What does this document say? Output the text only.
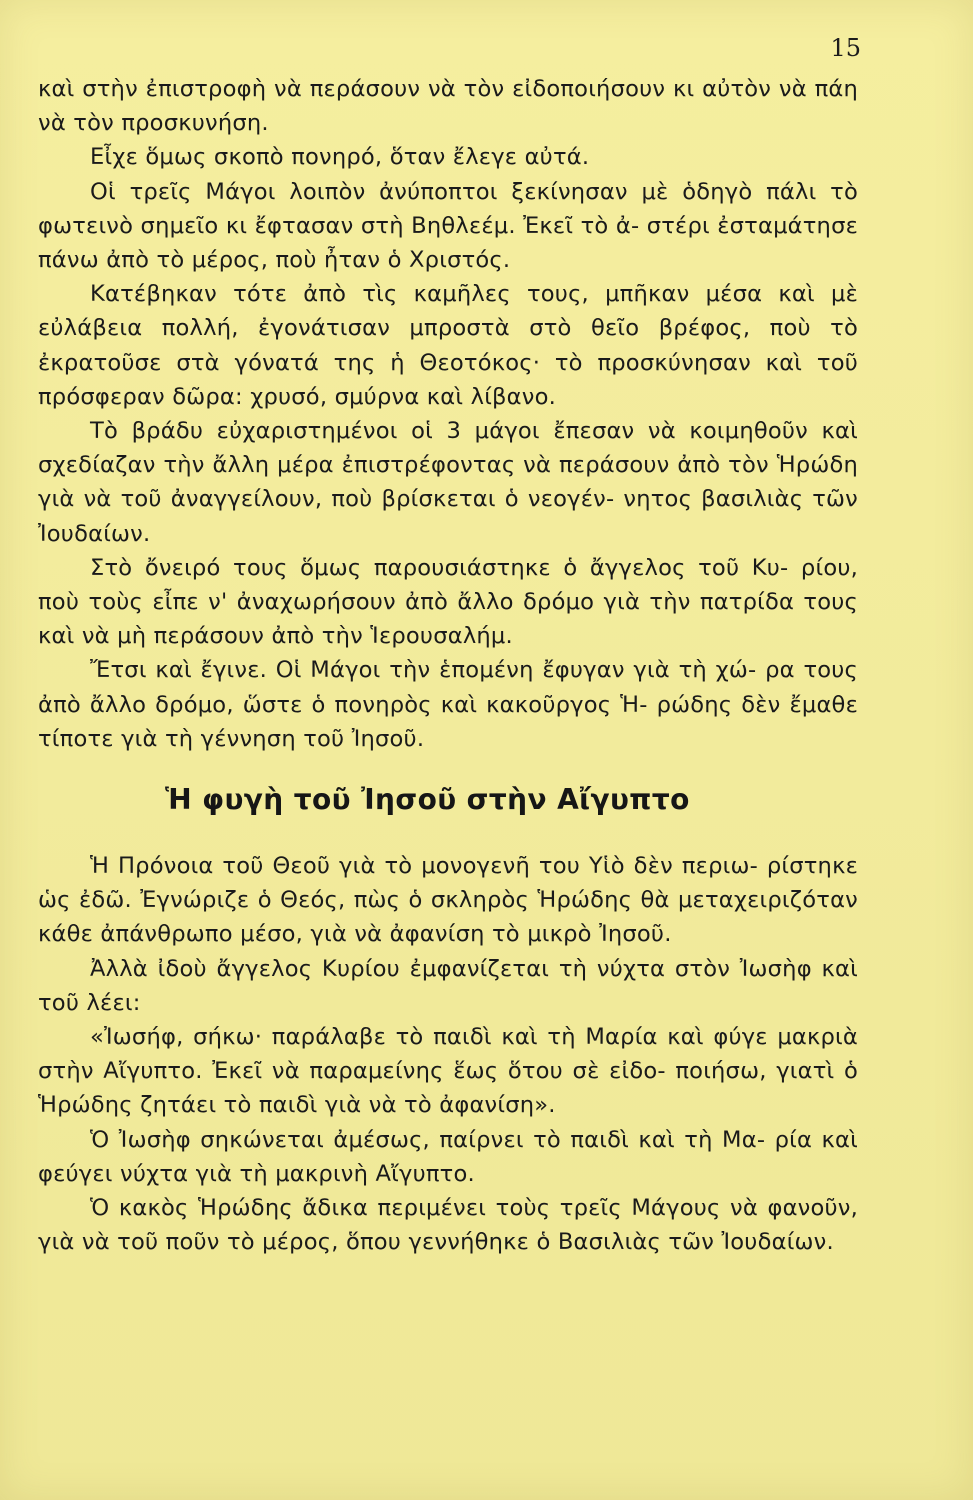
15

καὶ στὴν ἐπιστροφὴ νὰ περάσουν νὰ τὸν εἰδοποιήσουν κι αὐτὸν νὰ πάη νὰ τὸν προσκυνήση.

Εἶχε ὅμως σκοπὸ πονηρό, ὅταν ἔλεγε αὐτά.

Οἱ τρεῖς Μάγοι λοιπὸν ἀνύποπτοι ξεκίνησαν μὲ ὁδηγὸ πάλι τὸ φωτεινὸ σημεῖο κι ἔφτασαν στὴ Βηθλεέμ. Ἐκεῖ τὸ ἀ- στέρι ἐσταμάτησε πάνω ἀπὸ τὸ μέρος, ποὺ ἦταν ὁ Χριστός.

Κατέβηκαν τότε ἀπὸ τὶς καμῆλες τους, μπῆκαν μέσα καὶ μὲ εὐλάβεια πολλή, ἐγονάτισαν μπροστὰ στὸ θεῖο βρέφος, ποὺ τὸ ἐκρατοῦσε στὰ γόνατά της ἡ Θεοτόκος· τὸ προσκύνησαν καὶ τοῦ πρόσφεραν δῶρα: χρυσό, σμύρνα καὶ λίβανο.

Τὸ βράδυ εὐχαριστημένοι οἱ 3 μάγοι ἔπεσαν νὰ κοιμηθοῦν καὶ σχεδίαζαν τὴν ἄλλη μέρα ἐπιστρέφοντας νὰ περάσουν ἀπὸ τὸν Ἡρώδη γιὰ νὰ τοῦ ἀναγγείλουν, ποὺ βρίσκεται ὁ νεογέν- νητος βασιλιὰς τῶν Ἰουδαίων.

Στὸ ὄνειρό τους ὅμως παρουσιάστηκε ὁ ἄγγελος τοῦ Κυ- ρίου, ποὺ τοὺς εἶπε ν' ἀναχωρήσουν ἀπὸ ἄλλο δρόμο γιὰ τὴν πατρίδα τους καὶ νὰ μὴ περάσουν ἀπὸ τὴν Ἱερουσαλήμ.

Ἔτσι καὶ ἔγινε. Οἱ Μάγοι τὴν ἑπομένη ἔφυγαν γιὰ τὴ χώ- ρα τους ἀπὸ ἄλλο δρόμο, ὥστε ὁ πονηρὸς καὶ κακοῦργος Ἡ- ρώδης δὲν ἔμαθε τίποτε γιὰ τὴ γέννηση τοῦ Ἰησοῦ.

Ἡ φυγὴ τοῦ Ἰησοῦ στὴν Αἴγυπτο

Ἡ Πρόνοια τοῦ Θεοῦ γιὰ τὸ μονογενῆ του Υἱὸ δὲν περιω- ρίστηκε ὡς ἐδῶ. Ἐγνώριζε ὁ Θεός, πὼς ὁ σκληρὸς Ἡρώδης θὰ μεταχειριζόταν κάθε ἀπάνθρωπο μέσο, γιὰ νὰ ἀφανίση τὸ μικρὸ Ἰησοῦ.

Ἀλλὰ ἰδοὺ ἄγγελος Κυρίου ἐμφανίζεται τὴ νύχτα στὸν Ἰωσὴφ καὶ τοῦ λέει:

«Ἰωσήφ, σήκω· παράλαβε τὸ παιδὶ καὶ τὴ Μαρία καὶ φύγε μακριὰ στὴν Αἴγυπτο. Ἐκεῖ νὰ παραμείνης ἕως ὅτου σὲ εἰδο- ποιήσω, γιατὶ ὁ Ἡρώδης ζητάει τὸ παιδὶ γιὰ νὰ τὸ ἀφανίση».

Ὁ Ἰωσὴφ σηκώνεται ἀμέσως, παίρνει τὸ παιδὶ καὶ τὴ Μα- ρία καὶ φεύγει νύχτα γιὰ τὴ μακρινὴ Αἴγυπτο.

Ὁ κακὸς Ἡρώδης ἄδικα περιμένει τοὺς τρεῖς Μάγους νὰ φανοῦν, γιὰ νὰ τοῦ ποῦν τὸ μέρος, ὅπου γεννήθηκε ὁ Βασιλιὰς τῶν Ἰουδαίων.
